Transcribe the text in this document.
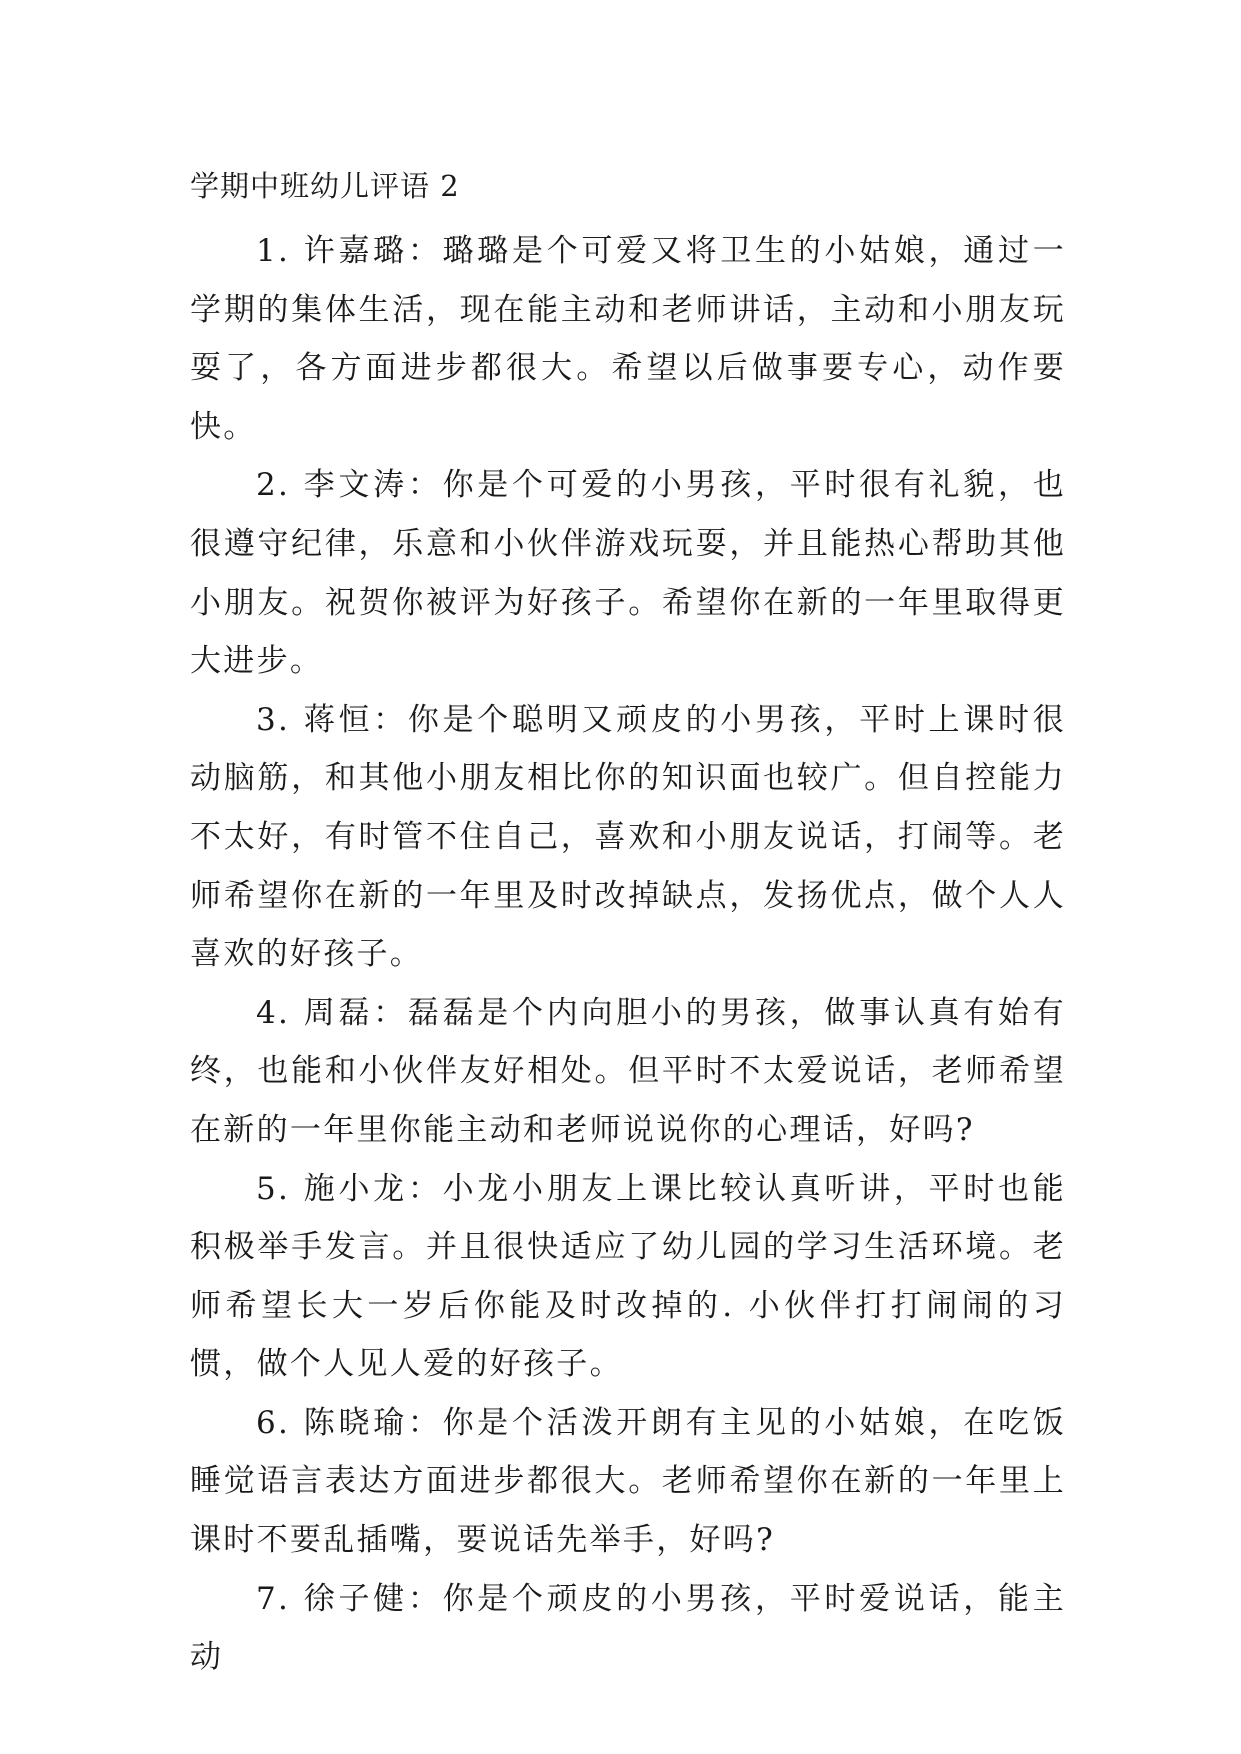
学期中班幼儿评语 2

1. 许嘉璐：璐璐是个可爱又将卫生的小姑娘，通过一学期的集体生活，现在能主动和老师讲话，主动和小朋友玩耍了，各方面进步都很大。希望以后做事要专心，动作要快。

2. 李文涛：你是个可爱的小男孩，平时很有礼貌，也很遵守纪律，乐意和小伙伴游戏玩耍，并且能热心帮助其他小朋友。祝贺你被评为好孩子。希望你在新的一年里取得更大进步。

3. 蒋恒：你是个聪明又顽皮的小男孩，平时上课时很动脑筋，和其他小朋友相比你的知识面也较广。但自控能力不太好，有时管不住自己，喜欢和小朋友说话，打闹等。老师希望你在新的一年里及时改掉缺点，发扬优点，做个人人喜欢的好孩子。

4. 周磊：磊磊是个内向胆小的男孩，做事认真有始有终，也能和小伙伴友好相处。但平时不太爱说话，老师希望在新的一年里你能主动和老师说说你的心理话，好吗?

5. 施小龙：小龙小朋友上课比较认真听讲，平时也能积极举手发言。并且很快适应了幼儿园的学习生活环境。老师希望长大一岁后你能及时改掉的. 小伙伴打打闹闹的习惯，做个人见人爱的好孩子。

6. 陈晓瑜：你是个活泼开朗有主见的小姑娘，在吃饭睡觉语言表达方面进步都很大。老师希望你在新的一年里上课时不要乱插嘴，要说话先举手，好吗?

7. 徐子健：你是个顽皮的小男孩，平时爱说话，能主动
